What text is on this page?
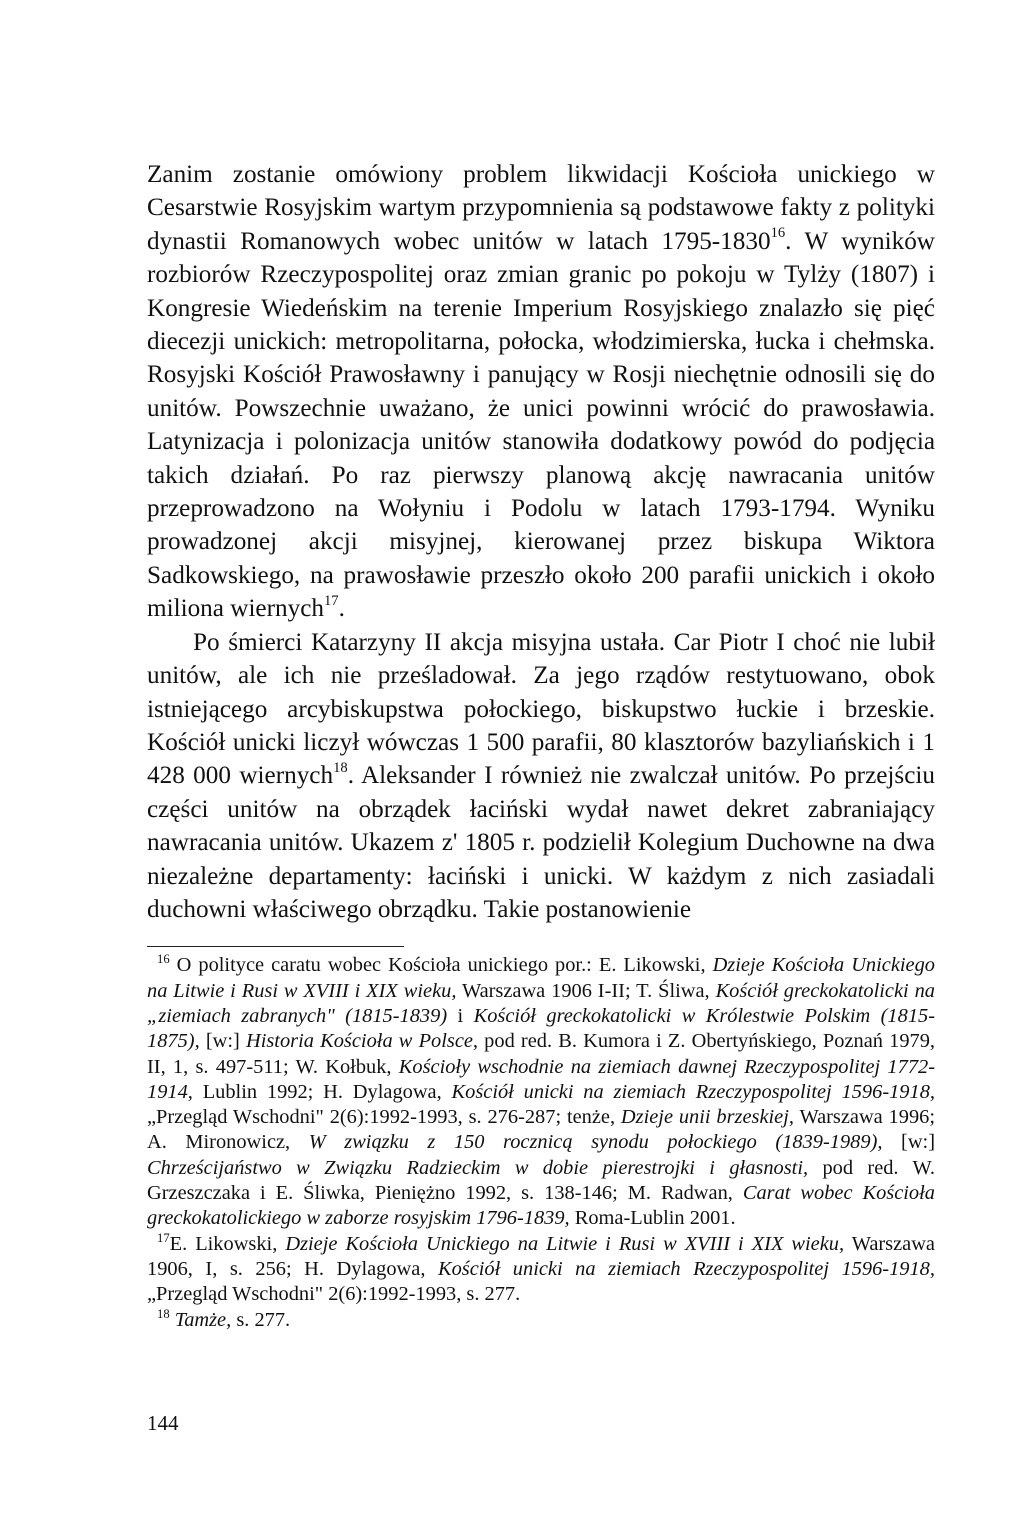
Zanim zostanie omówiony problem likwidacji Kościoła unickiego w Cesarstwie Rosyjskim wartym przypomnienia są podstawowe fakty z polityki dynastii Romanowych wobec unitów w latach 1795-1830$^{16}$. W wyników rozbiorów Rzeczypospolitej oraz zmian granic po pokoju w Tylży (1807) i Kongresie Wiedeńskim na terenie Imperium Rosyjskiego znalazło się pięć diecezji unickich: metropolitarna, połocka, włodzimierska, łucka i chełmska. Rosyjski Kościół Prawosławny i panujący w Rosji niechętnie odnosili się do unitów. Powszechnie uważano, że unici powinni wrócić do prawosławia. Latynizacja i polonizacja unitów stanowiła dodatkowy powód do podjęcia takich działań. Po raz pierwszy planową akcję nawracania unitów przeprowadzono na Wołyniu i Podolu w latach 1793-1794. Wyniku prowadzonej akcji misyjnej, kierowanej przez biskupa Wiktora Sadkowskiego, na prawosławie przeszło około 200 parafii unickich i około miliona wiernych$^{17}$.

Po śmierci Katarzyny II akcja misyjna ustała. Car Piotr I choć nie lubił unitów, ale ich nie prześladował. Za jego rządów restytuowano, obok istniejącego arcybiskupstwa połockiego, biskupstwo łuckie i brzeskie. Kościół unicki liczył wówczas 1 500 parafii, 80 klasztorów bazyliańskich i 1 428 000 wiernych$^{18}$. Aleksander I również nie zwalczał unitów. Po przejściu części unitów na obrządek łaciński wydał nawet dekret zabraniający nawracania unitów. Ukazem z' 1805 r. podzielił Kolegium Duchowne na dwa niezależne departamenty: łaciński i unicki. W każdym z nich zasiadali duchowni właściwego obrządku. Takie postanowienie

$^{16}$ O polityce caratu wobec Kościoła unickiego por.: E. Likowski, Dzieje Kościoła Unickiego na Litwie i Rusi w XVIII i XIX wieku, Warszawa 1906 I-II; T. Śliwa, Kościół greckokatolicki na „ziemiach zabranych" (1815-1839) i Kościół greckokatolicki w Królestwie Polskim (1815-1875), [w:] Historia Kościoła w Polsce, pod red. B. Kumora i Z. Obertyńskiego, Poznań 1979, II, 1, s. 497-511; W. Kołbuk, Kościoły wschodnie na ziemiach dawnej Rzeczypospolitej 1772-1914, Lublin 1992; H. Dylagowa, Kościół unicki na ziemiach Rzeczypospolitej 1596-1918, „Przegląd Wschodni" 2(6):1992-1993, s. 276-287; tenże, Dzieje unii brzeskiej, Warszawa 1996; A. Mironowicz, W związku z 150 rocznicą synodu połockiego (1839-1989), [w:] Chrześcijaństwo w Związku Radzieckim w dobie pierestrojki i głasnosti, pod red. W. Grzeszczaka i E. Śliwka, Pieniężno 1992, s. 138-146; M. Radwan, Carat wobec Kościoła greckokatolickiego w zaborze rosyjskim 1796-1839, Roma-Lublin 2001.

$^{17}$E. Likowski, Dzieje Kościoła Unickiego na Litwie i Rusi w XVIII i XIX wieku, Warszawa 1906, I, s. 256; H. Dylagowa, Kościół unicki na ziemiach Rzeczypospolitej 1596-1918, „Przegląd Wschodni" 2(6):1992-1993, s. 277.

$^{18}$ Tamże, s. 277.

144
